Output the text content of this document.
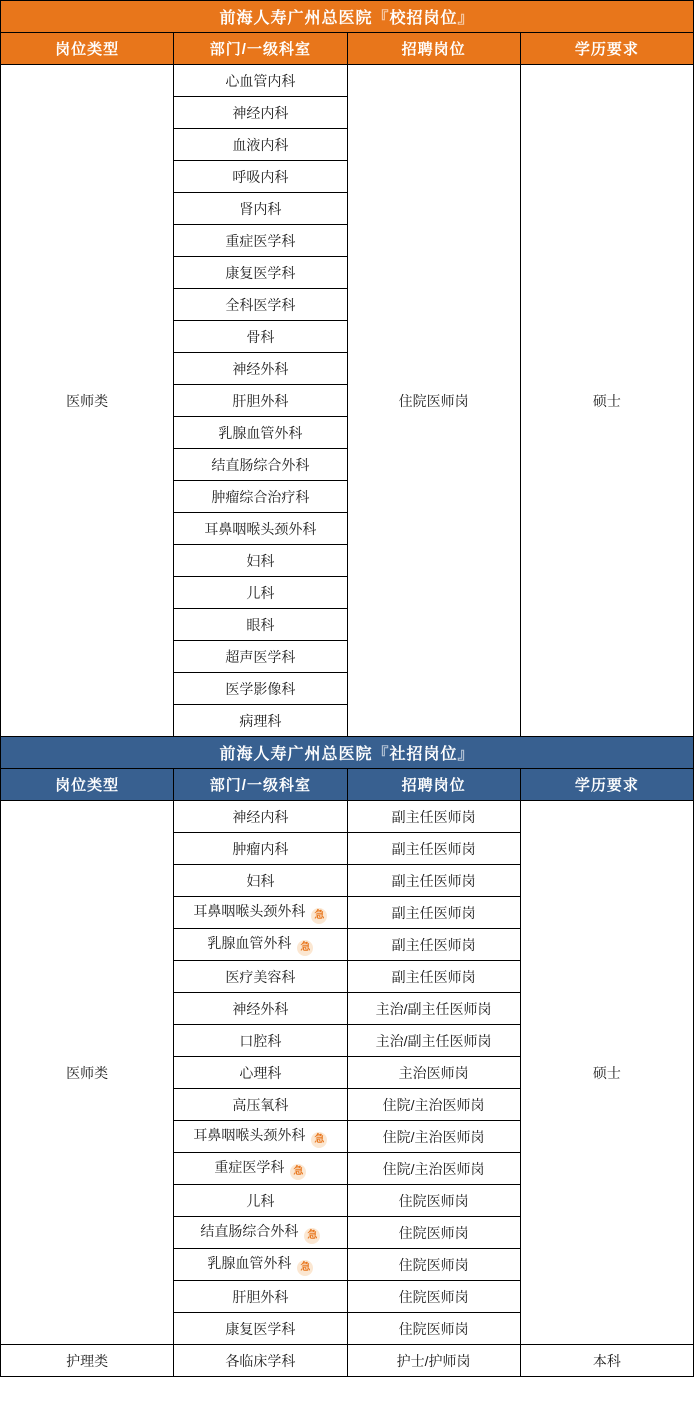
前海人寿广州总医院『校招岗位』			
岗位类型	部门/一级科室	招聘岗位	学历要求
医师类	心血管内科	住院医师岗	硕士
	神经内科		
	血液内科		
	呼吸内科		
	肾内科		
	重症医学科		
	康复医学科		
	全科医学科		
	骨科		
	神经外科		
	肝胆外科		
	乳腺血管外科		
	结直肠综合外科		
	肿瘤综合治疗科		
	耳鼻咽喉头颈外科		
	妇科		
	儿科		
	眼科		
	超声医学科		
	医学影像科		
	病理科		
前海人寿广州总医院『社招岗位』			
岗位类型	部门/一级科室	招聘岗位	学历要求
医师类	神经内科	副主任医师岗	硕士
	肿瘤内科	副主任医师岗	
	妇科	副主任医师岗	
	耳鼻咽喉头颈外科 急	副主任医师岗	
	乳腺血管外科 急	副主任医师岗	
	医疗美容科	副主任医师岗	
	神经外科	主治/副主任医师岗	
	口腔科	主治/副主任医师岗	
	心理科	主治医师岗	
	高压氧科	住院/主治医师岗	
	耳鼻咽喉头颈外科 急	住院/主治医师岗	
	重症医学科 急	住院/主治医师岗	
	儿科	住院医师岗	
	结直肠综合外科 急	住院医师岗	
	乳腺血管外科 急	住院医师岗	
	肝胆外科	住院医师岗	
	康复医学科	住院医师岗	
护理类	各临床学科	护士/护师岗	本科
